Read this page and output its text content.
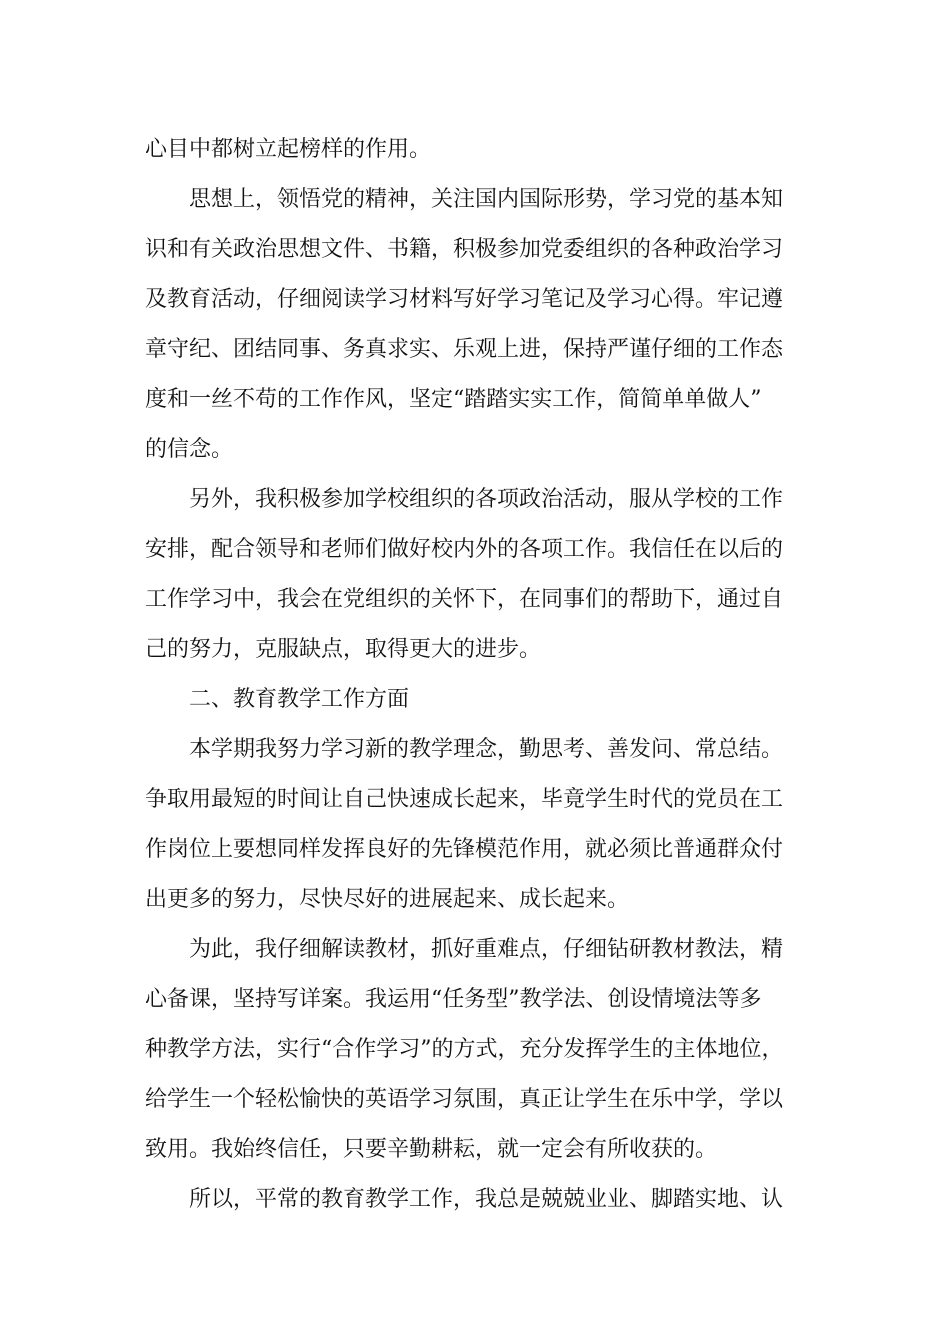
心目中都树立起榜样的作用。
思想上，领悟党的精神，关注国内国际形势，学习党的基本知
识和有关政治思想文件、书籍，积极参加党委组织的各种政治学习
及教育活动，仔细阅读学习材料写好学习笔记及学习心得。牢记遵
章守纪、团结同事、务真求实、乐观上进，保持严谨仔细的工作态
度和一丝不苟的工作作风，坚定“踏踏实实工作，简简单单做人”
的信念。
另外，我积极参加学校组织的各项政治活动，服从学校的工作
安排，配合领导和老师们做好校内外的各项工作。我信任在以后的
工作学习中，我会在党组织的关怀下，在同事们的帮助下，通过自
己的努力，克服缺点，取得更大的进步。
二、教育教学工作方面
本学期我努力学习新的教学理念，勤思考、善发问、常总结。
争取用最短的时间让自己快速成长起来，毕竟学生时代的党员在工
作岗位上要想同样发挥良好的先锋模范作用，就必须比普通群众付
出更多的努力，尽快尽好的进展起来、成长起来。
为此，我仔细解读教材，抓好重难点，仔细钻研教材教法，精
心备课，坚持写详案。我运用“任务型”教学法、创设情境法等多
种教学方法，实行“合作学习”的方式，充分发挥学生的主体地位，
给学生一个轻松愉快的英语学习氛围，真正让学生在乐中学，学以
致用。我始终信任，只要辛勤耕耘，就一定会有所收获的。
所以，平常的教育教学工作，我总是兢兢业业、脚踏实地、认
